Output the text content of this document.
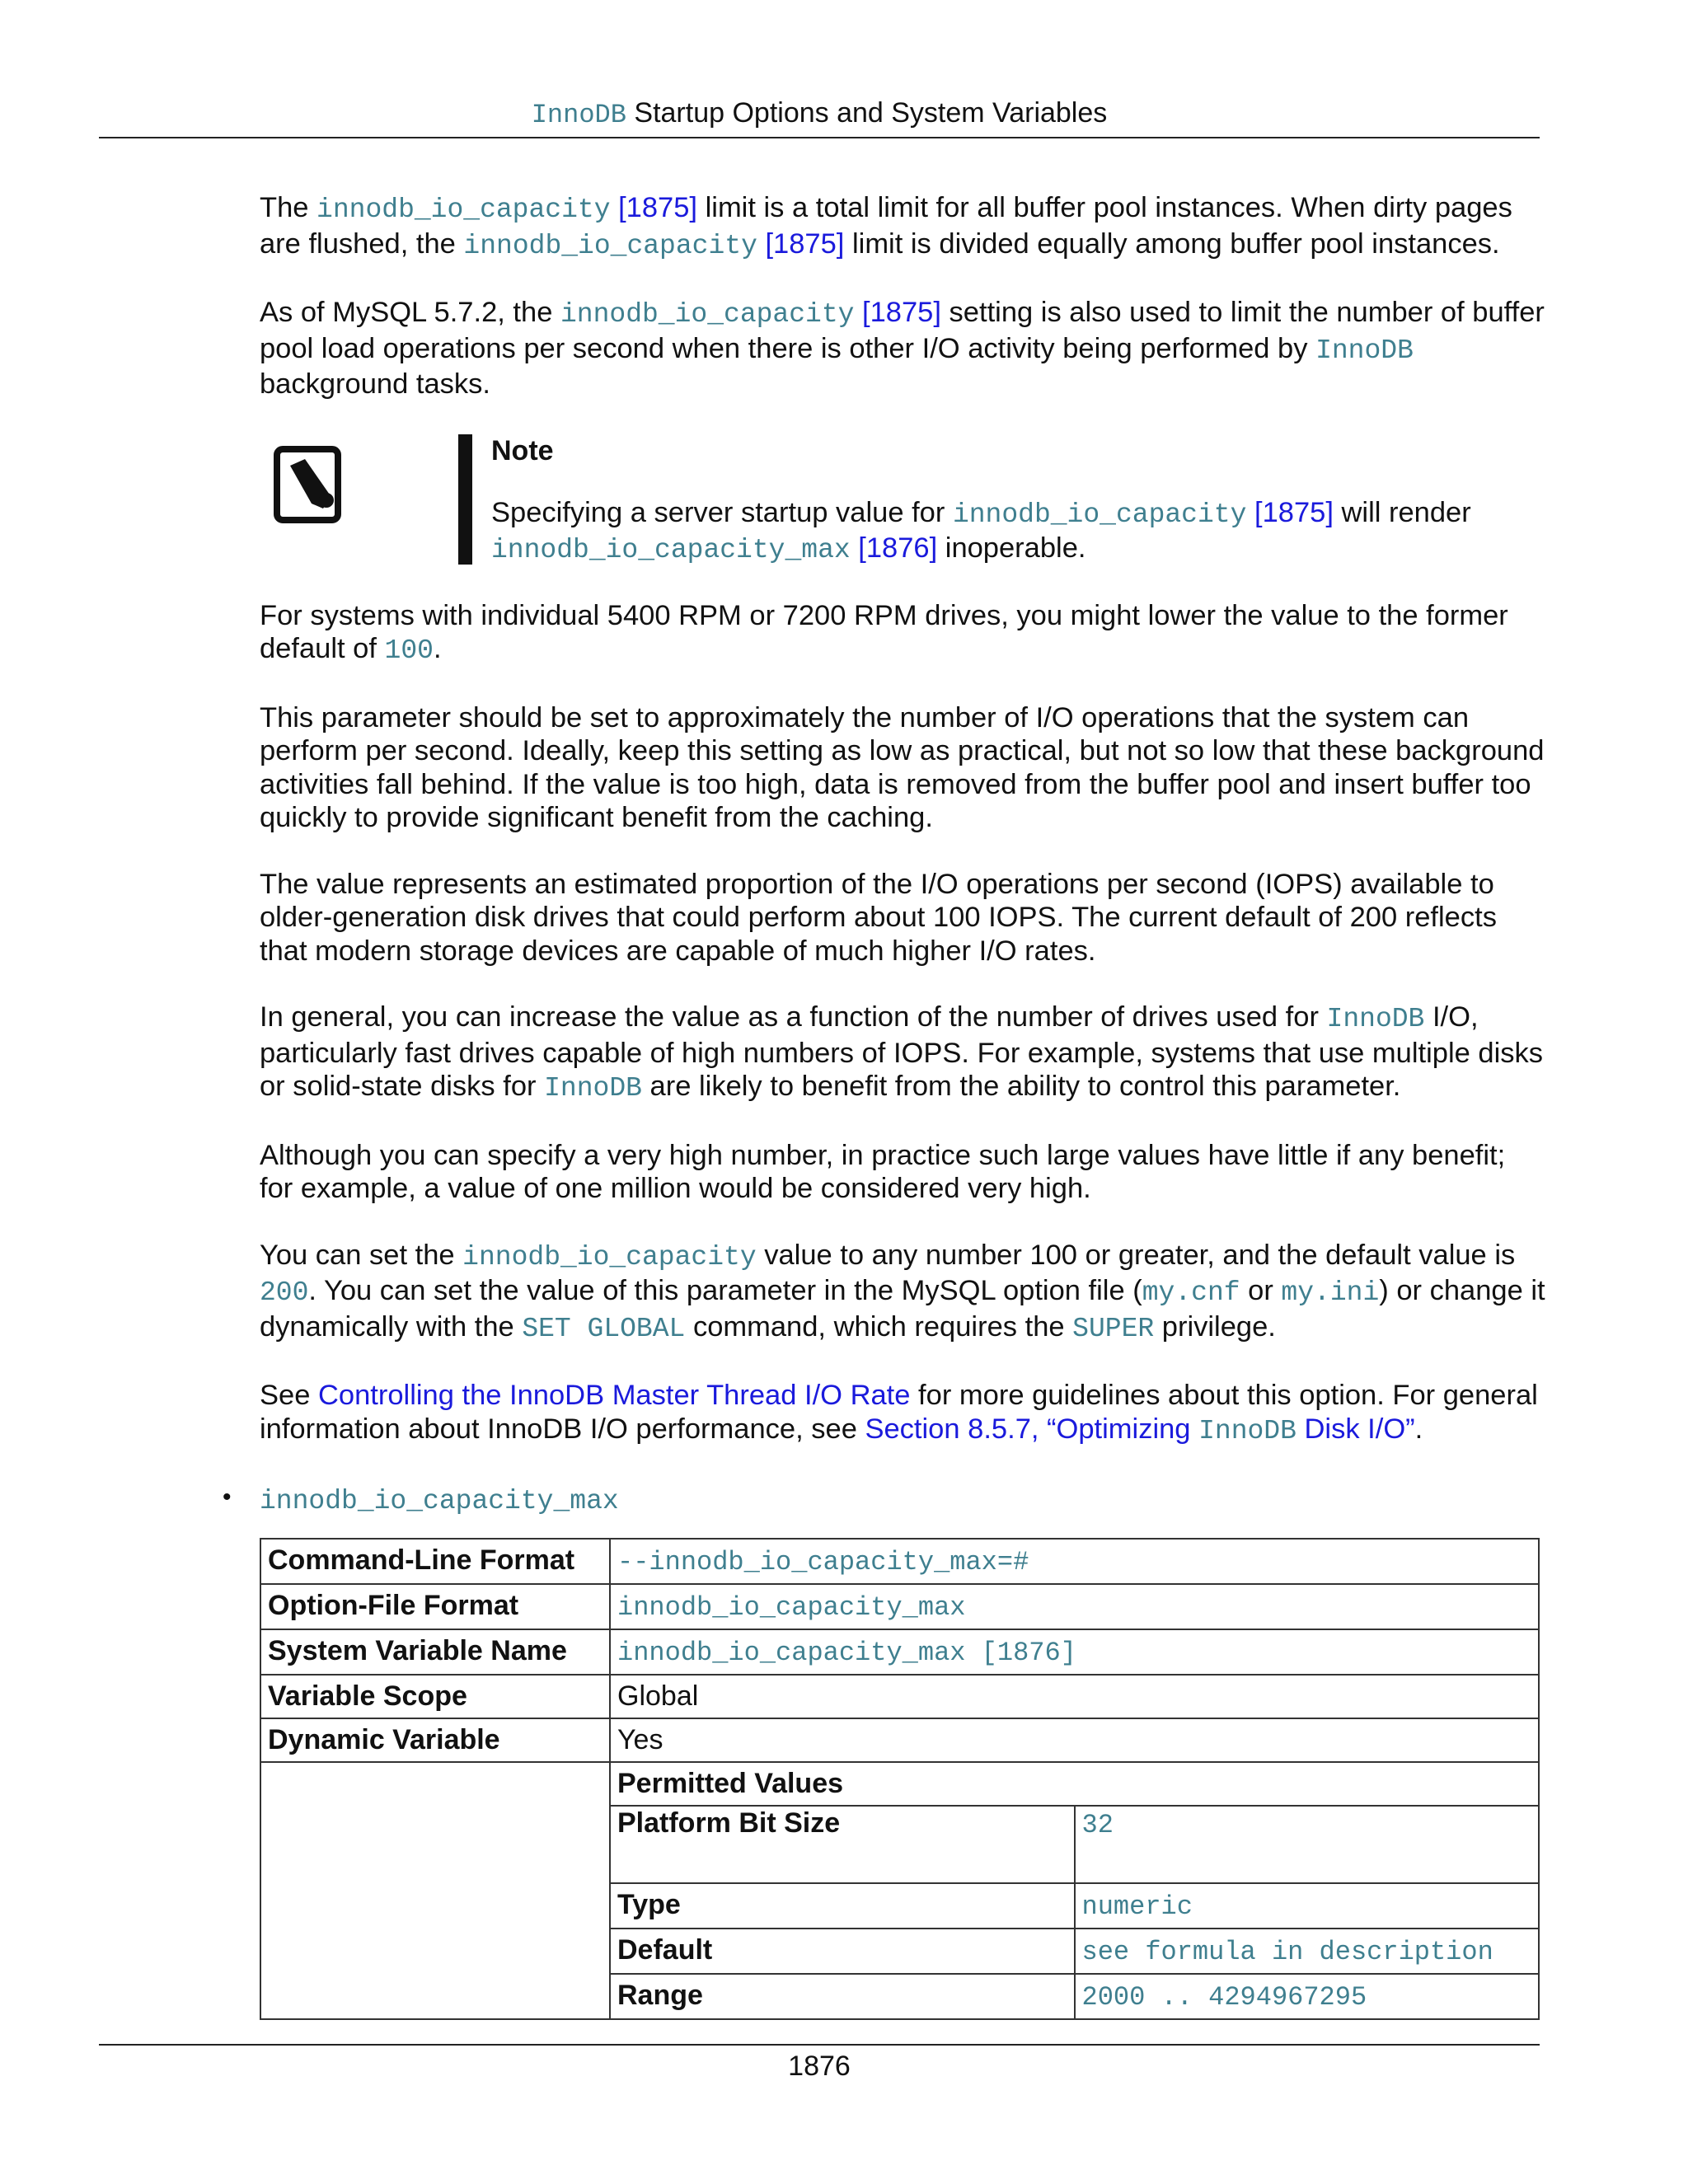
InnoDB Startup Options and System Variables

The innodb_io_capacity [1875] limit is a total limit for all buffer pool instances. When dirty pages are flushed, the innodb_io_capacity [1875] limit is divided equally among buffer pool instances.

As of MySQL 5.7.2, the innodb_io_capacity [1875] setting is also used to limit the number of buffer pool load operations per second when there is other I/O activity being performed by InnoDB background tasks.

Note
Specifying a server startup value for innodb_io_capacity [1875] will render
innodb_io_capacity_max [1876] inoperable.

For systems with individual 5400 RPM or 7200 RPM drives, you might lower the value to the former default of 100.

This parameter should be set to approximately the number of I/O operations that the system can perform per second. Ideally, keep this setting as low as practical, but not so low that these background activities fall behind. If the value is too high, data is removed from the buffer pool and insert buffer too quickly to provide significant benefit from the caching.

The value represents an estimated proportion of the I/O operations per second (IOPS) available to older-generation disk drives that could perform about 100 IOPS. The current default of 200 reflects that modern storage devices are capable of much higher I/O rates.

In general, you can increase the value as a function of the number of drives used for InnoDB I/O, particularly fast drives capable of high numbers of IOPS. For example, systems that use multiple disks or solid-state disks for InnoDB are likely to benefit from the ability to control this parameter.

Although you can specify a very high number, in practice such large values have little if any benefit; for example, a value of one million would be considered very high.

You can set the innodb_io_capacity value to any number 100 or greater, and the default value is 200. You can set the value of this parameter in the MySQL option file (my.cnf or my.ini) or change it dynamically with the SET GLOBAL command, which requires the SUPER privilege.

See Controlling the InnoDB Master Thread I/O Rate for more guidelines about this option. For general information about InnoDB I/O performance, see Section 8.5.7, “Optimizing InnoDB Disk I/O”.

• innodb_io_capacity_max
Command-Line Format	--innodb_io_capacity_max=#
Option-File Format	innodb_io_capacity_max
System Variable Name	innodb_io_capacity_max [1876]
Variable Scope	Global
Dynamic Variable	Yes

Permitted Values
Platform Bit Size	32
Type	numeric
Default	see formula in description
Range	2000 .. 4294967295
1876
